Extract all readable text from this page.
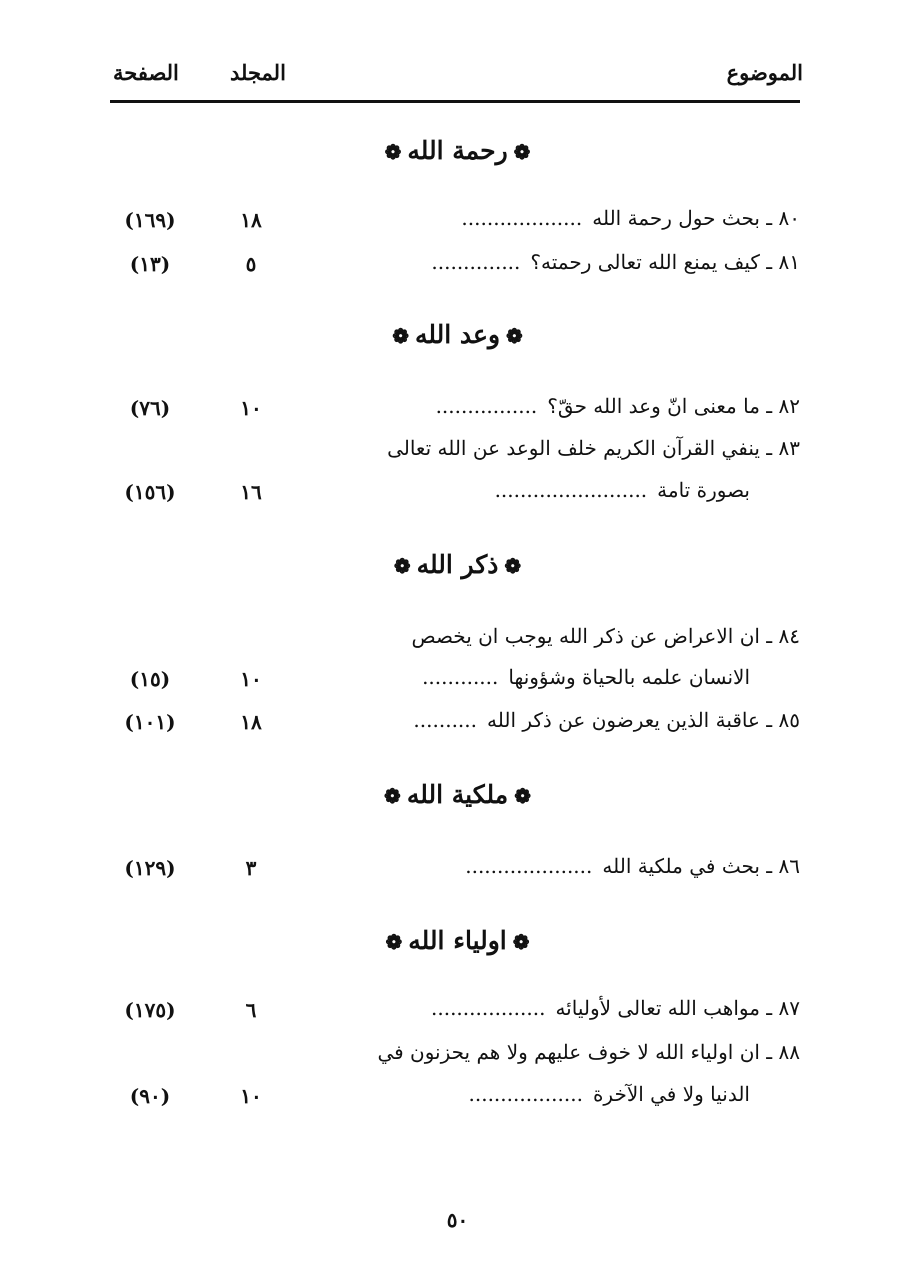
الموضوع
المجلد
الصفحة
❁رحمة الله❁
٨٠ ـ بحث حول رحمة الله...................
١٨
(١٦٩)
٨١ ـ كيف يمنع الله تعالى رحمته؟..............
٥
(١٣)
❁وعد الله❁
٨٢ ـ ما معنى انّ وعد الله حقّ؟................
١٠
(٧٦)
٨٣ ـ ينفي القرآن الكريم خلف الوعد عن الله تعالى
بصورة تامة........................
١٦
(١٥٦)
❁ذكر الله❁
٨٤ ـ ان الاعراض عن ذكر الله يوجب ان يخصص
الانسان علمه بالحياة وشؤونها............
١٠
(١٥)
٨٥ ـ عاقبة الذين يعرضون عن ذكر الله..........
١٨
(١٠١)
❁ملكية الله❁
٨٦ ـ بحث في ملكية الله....................
٣
(١٢٩)
❁اولياء الله❁
٨٧ ـ مواهب الله تعالى لأوليائه..................
٦
(١٧٥)
٨٨ ـ ان اولياء الله لا خوف عليهم ولا هم يحزنون في
الدنيا ولا في الآخرة..................
١٠
(٩٠)
٥٠
